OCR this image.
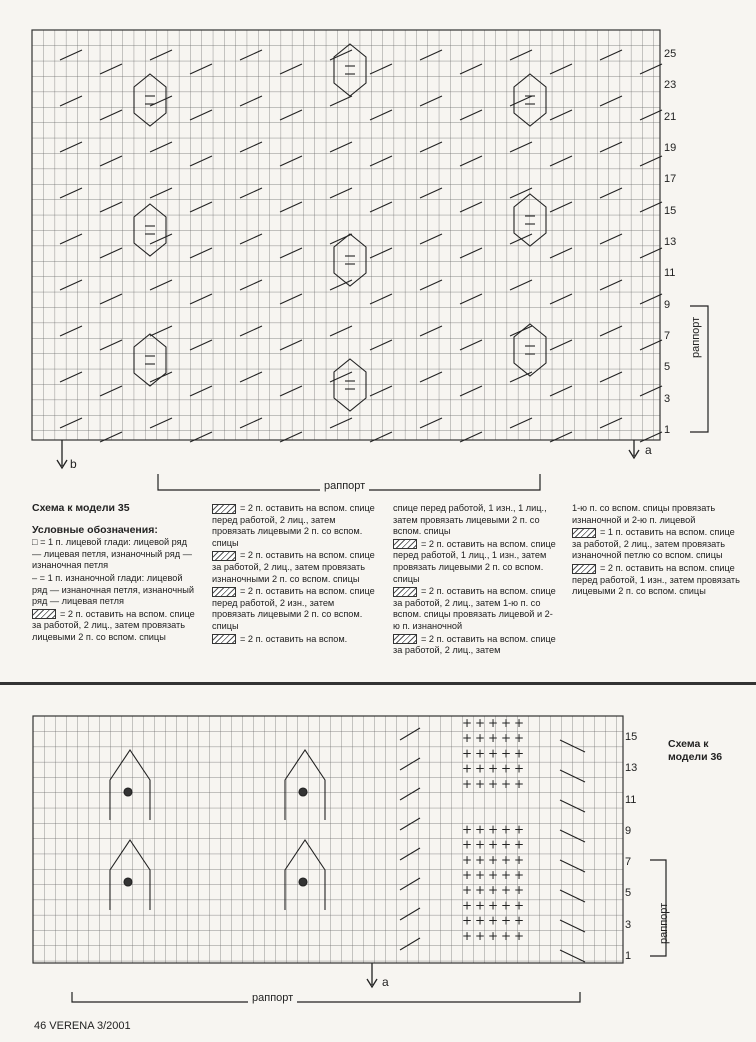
+ + + + +
+ + + + +
+ + + + +
+ + + + +
+ + + + +
+ + + + +
+ + + + +
+ + + + +
+ + + + +
+ + + + +
+ + + + +
+ + + + +
+ + + + +
25
23
21
19
17
15
13
11
9
7
5
3
1
раппорт
раппорт
b
a

Схема к модели 35

Условные обозначения:

□ = 1 п. лицевой глади: лицевой ряд — лицевая петля, изнаночный ряд — изнаночная петля

– = 1 п. изнаночной глади: лицевой ряд — изнаночная петля, изнаночный ряд — лицевая петля

= 2 п. оставить на вспом. спице за работой, 2 лиц., затем провязать лицевыми 2 п. со вспом. спицы

= 2 п. оставить на вспом. спице перед работой, 2 лиц., затем провязать лицевыми 2 п. со вспом. спицы

= 2 п. оставить на вспом. спице за работой, 2 лиц., затем провязать изнаночными 2 п. со вспом. спицы

= 2 п. оставить на вспом. спице перед работой, 2 изн., затем провязать лицевыми 2 п. со вспом. спицы

= 2 п. оставить на вспом.

спице перед работой, 1 изн., 1 лиц., затем провязать лицевыми 2 п. со вспом. спицы

= 2 п. оставить на вспом. спице перед работой, 1 лиц., 1 изн., затем провязать лицевыми 2 п. со вспом. спицы

= 2 п. оставить на вспом. спице за работой, 2 лиц., затем 1-ю п. со вспом. спицы провязать лицевой и 2-ю п. изнаночной

= 2 п. оставить на вспом. спице за работой, 2 лиц., затем

1-ю п. со вспом. спицы провязать изнаночной и 2-ю п. лицевой

= 1 п. оставить на вспом. спице за работой, 2 лиц., затем провязать изнаночной петлю со вспом. спицы

= 2 п. оставить на вспом. спице перед работой, 1 изн., затем провязать лицевыми 2 п. со вспом. спицы

15
13
11
9
7
5
3
1
Схема к модели 36
раппорт
раппорт
a
46 VERENA 3/2001
